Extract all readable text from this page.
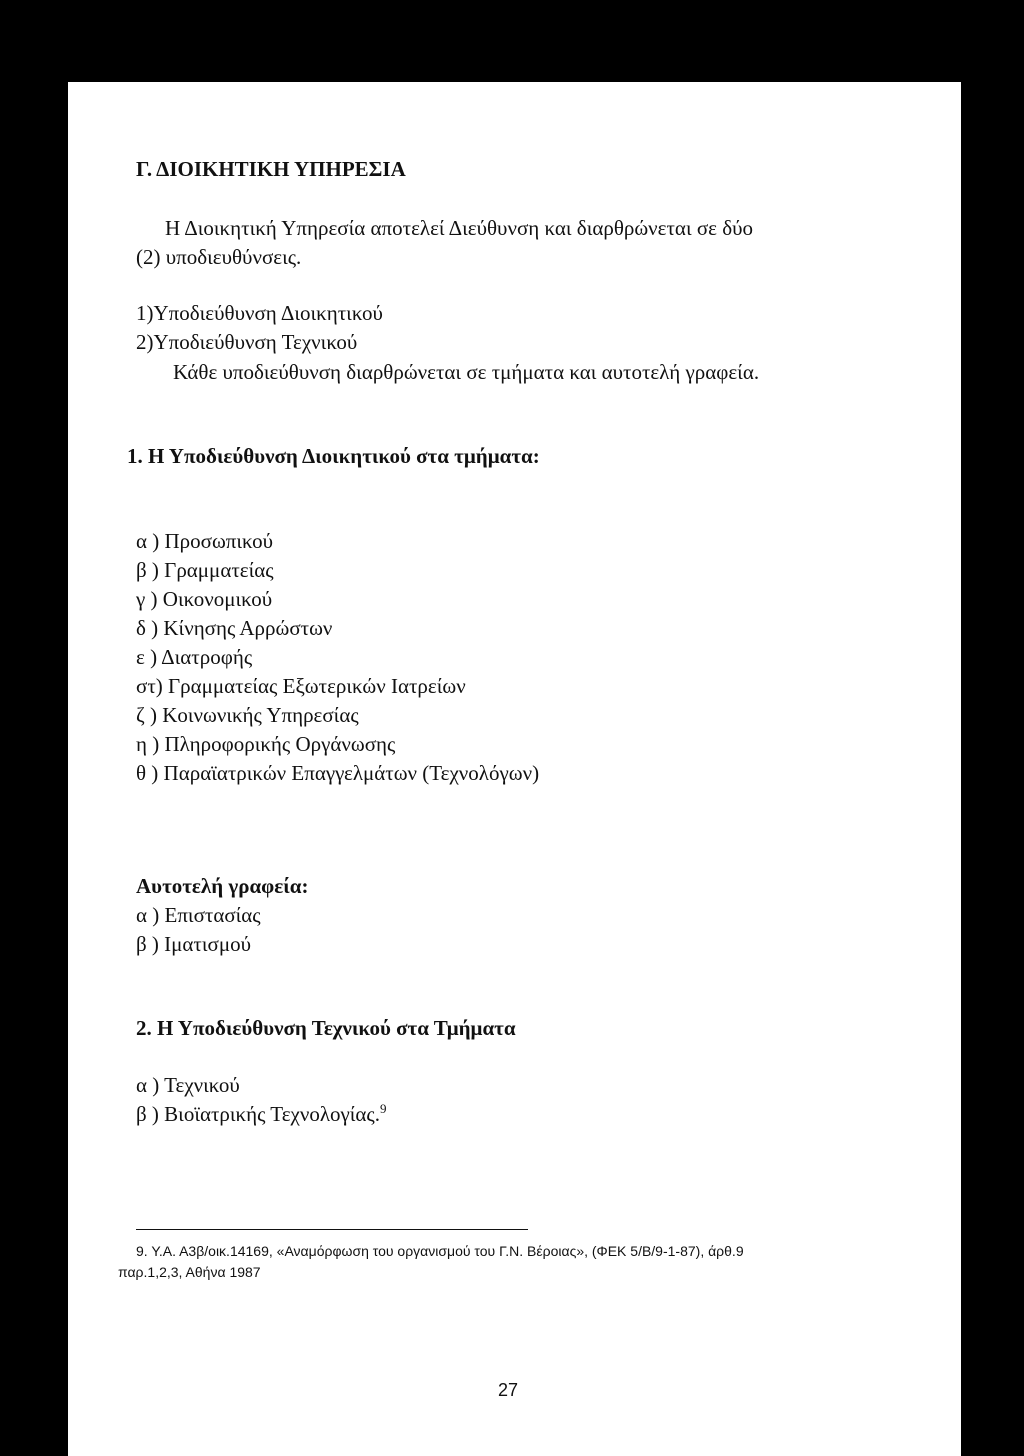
Γ. ΔΙΟΙΚΗΤΙΚΗ ΥΠΗΡΕΣΙΑ
Η Διοικητική Υπηρεσία αποτελεί Διεύθυνση και διαρθρώνεται σε δύο
(2) υποδιευθύνσεις.
1)Υποδιεύθυνση Διοικητικού
2)Υποδιεύθυνση Τεχνικού
Κάθε υποδιεύθυνση διαρθρώνεται σε τμήματα και αυτοτελή γραφεία.
1. Η Υποδιεύθυνση Διοικητικού στα τμήματα:
α ) Προσωπικού
β ) Γραμματείας
γ ) Οικονομικού
δ ) Κίνησης Αρρώστων
ε ) Διατροφής
στ) Γραμματείας Εξωτερικών Ιατρείων
ζ ) Κοινωνικής Υπηρεσίας
η ) Πληροφορικής Οργάνωσης
θ ) Παραϊατρικών Επαγγελμάτων (Τεχνολόγων)
Αυτοτελή γραφεία:
α ) Επιστασίας
β ) Ιματισμού
2. Η Υποδιεύθυνση Τεχνικού στα Τμήματα
α ) Τεχνικού
β ) Βιοϊατρικής Τεχνολογίας.$^9$
9. Υ.Α. Α3β/οικ.14169, «Αναμόρφωση του οργανισμού του Γ.Ν. Βέροιας», (ΦΕΚ 5/Β/9-1-87), άρθ.9
παρ.1,2,3, Αθήνα 1987
27
